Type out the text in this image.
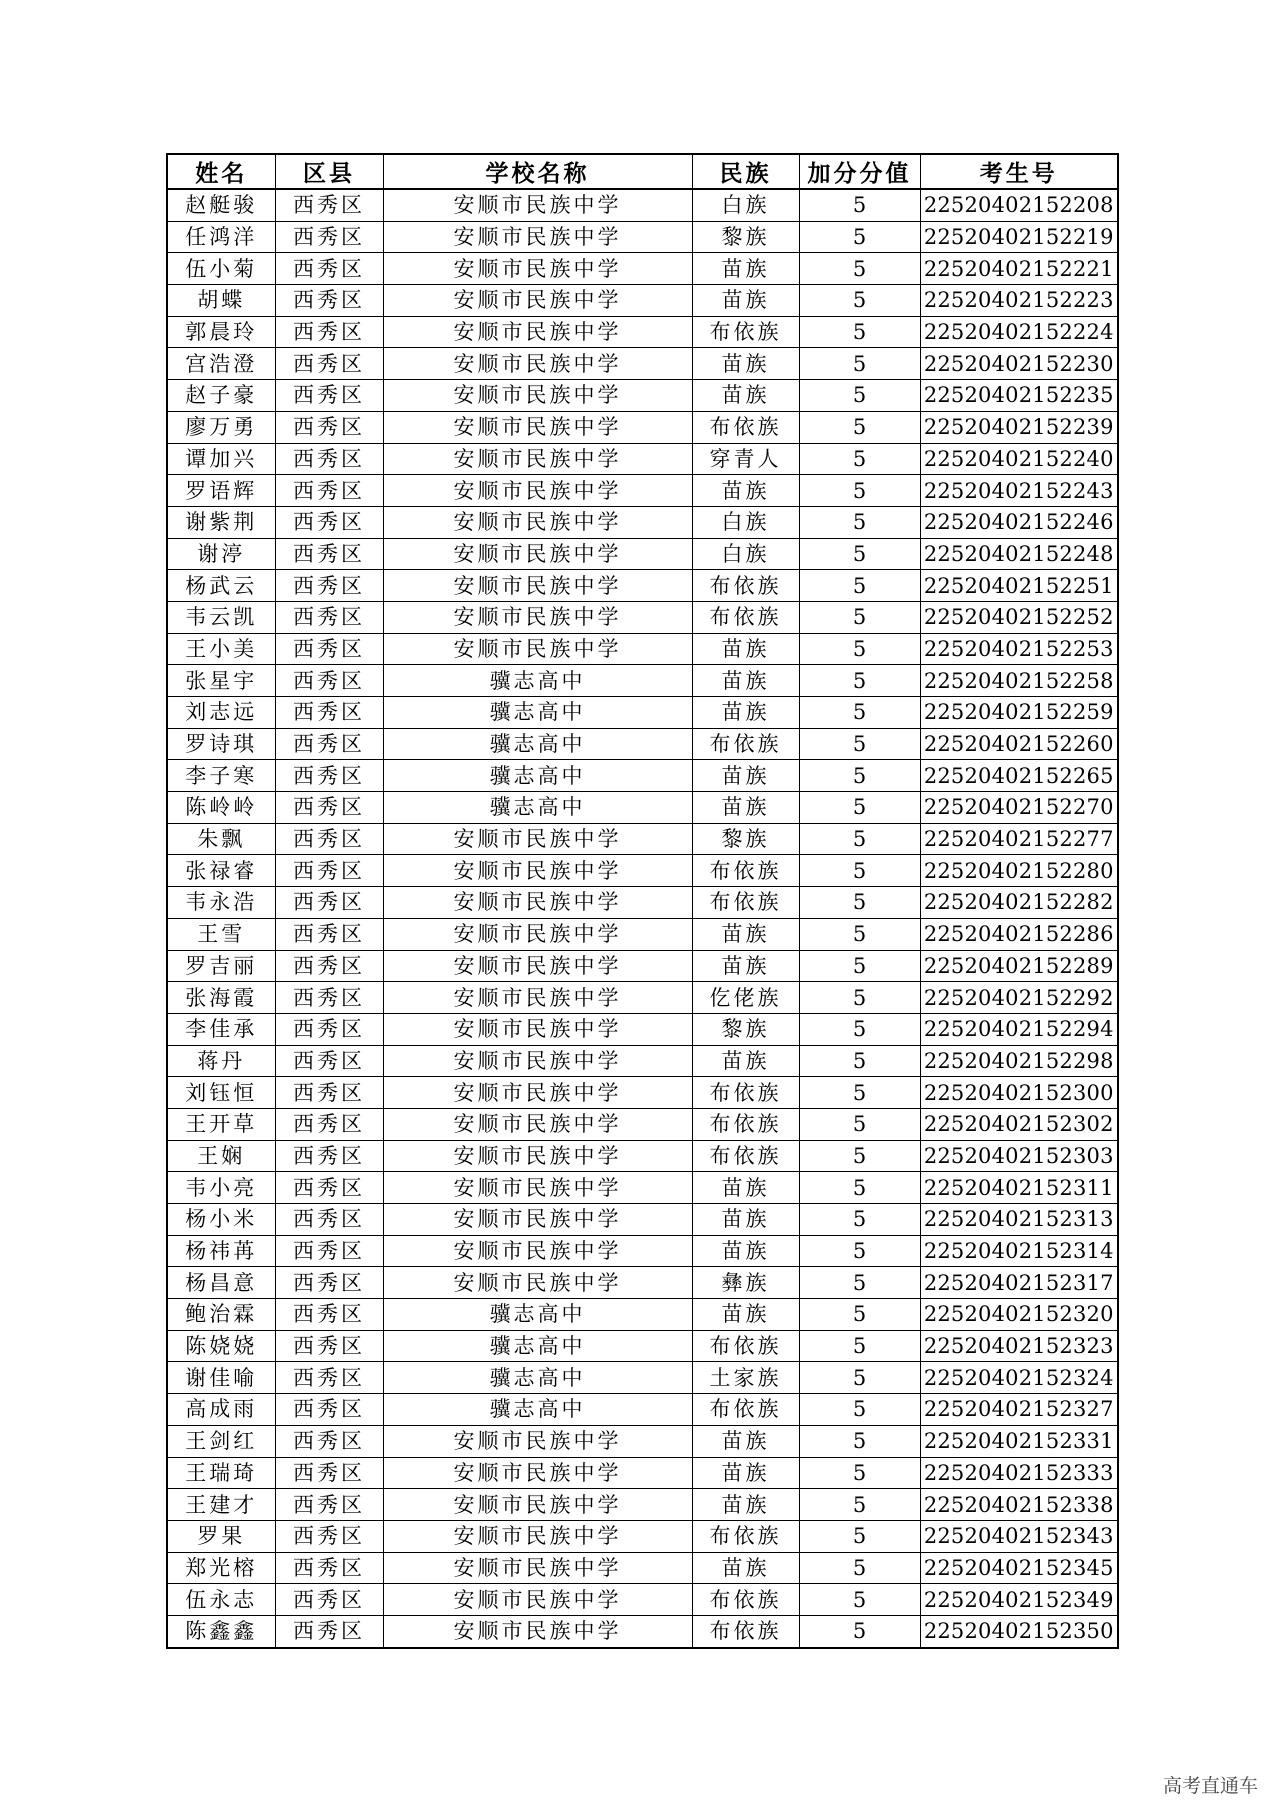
姓名	区县	学校名称	民族	加分分值	考生号
赵艇骏	西秀区	安顺市民族中学	白族	5	22520402152208
任鸿洋	西秀区	安顺市民族中学	黎族	5	22520402152219
伍小菊	西秀区	安顺市民族中学	苗族	5	22520402152221
胡蝶	西秀区	安顺市民族中学	苗族	5	22520402152223
郭晨玲	西秀区	安顺市民族中学	布依族	5	22520402152224
宫浩澄	西秀区	安顺市民族中学	苗族	5	22520402152230
赵子豪	西秀区	安顺市民族中学	苗族	5	22520402152235
廖万勇	西秀区	安顺市民族中学	布依族	5	22520402152239
谭加兴	西秀区	安顺市民族中学	穿青人	5	22520402152240
罗语辉	西秀区	安顺市民族中学	苗族	5	22520402152243
谢紫荆	西秀区	安顺市民族中学	白族	5	22520402152246
谢渟	西秀区	安顺市民族中学	白族	5	22520402152248
杨武云	西秀区	安顺市民族中学	布依族	5	22520402152251
韦云凯	西秀区	安顺市民族中学	布依族	5	22520402152252
王小美	西秀区	安顺市民族中学	苗族	5	22520402152253
张星宇	西秀区	骥志高中	苗族	5	22520402152258
刘志远	西秀区	骥志高中	苗族	5	22520402152259
罗诗琪	西秀区	骥志高中	布依族	5	22520402152260
李子寒	西秀区	骥志高中	苗族	5	22520402152265
陈岭岭	西秀区	骥志高中	苗族	5	22520402152270
朱飘	西秀区	安顺市民族中学	黎族	5	22520402152277
张禄睿	西秀区	安顺市民族中学	布依族	5	22520402152280
韦永浩	西秀区	安顺市民族中学	布依族	5	22520402152282
王雪	西秀区	安顺市民族中学	苗族	5	22520402152286
罗吉丽	西秀区	安顺市民族中学	苗族	5	22520402152289
张海霞	西秀区	安顺市民族中学	仡佬族	5	22520402152292
李佳承	西秀区	安顺市民族中学	黎族	5	22520402152294
蒋丹	西秀区	安顺市民族中学	苗族	5	22520402152298
刘钰恒	西秀区	安顺市民族中学	布依族	5	22520402152300
王开草	西秀区	安顺市民族中学	布依族	5	22520402152302
王娴	西秀区	安顺市民族中学	布依族	5	22520402152303
韦小亮	西秀区	安顺市民族中学	苗族	5	22520402152311
杨小米	西秀区	安顺市民族中学	苗族	5	22520402152313
杨祎苒	西秀区	安顺市民族中学	苗族	5	22520402152314
杨昌意	西秀区	安顺市民族中学	彝族	5	22520402152317
鲍治霖	西秀区	骥志高中	苗族	5	22520402152320
陈娆娆	西秀区	骥志高中	布依族	5	22520402152323
谢佳喻	西秀区	骥志高中	土家族	5	22520402152324
高成雨	西秀区	骥志高中	布依族	5	22520402152327
王剑红	西秀区	安顺市民族中学	苗族	5	22520402152331
王瑞琦	西秀区	安顺市民族中学	苗族	5	22520402152333
王建才	西秀区	安顺市民族中学	苗族	5	22520402152338
罗果	西秀区	安顺市民族中学	布依族	5	22520402152343
郑光榕	西秀区	安顺市民族中学	苗族	5	22520402152345
伍永志	西秀区	安顺市民族中学	布依族	5	22520402152349
陈鑫鑫	西秀区	安顺市民族中学	布依族	5	22520402152350
高考直通车
